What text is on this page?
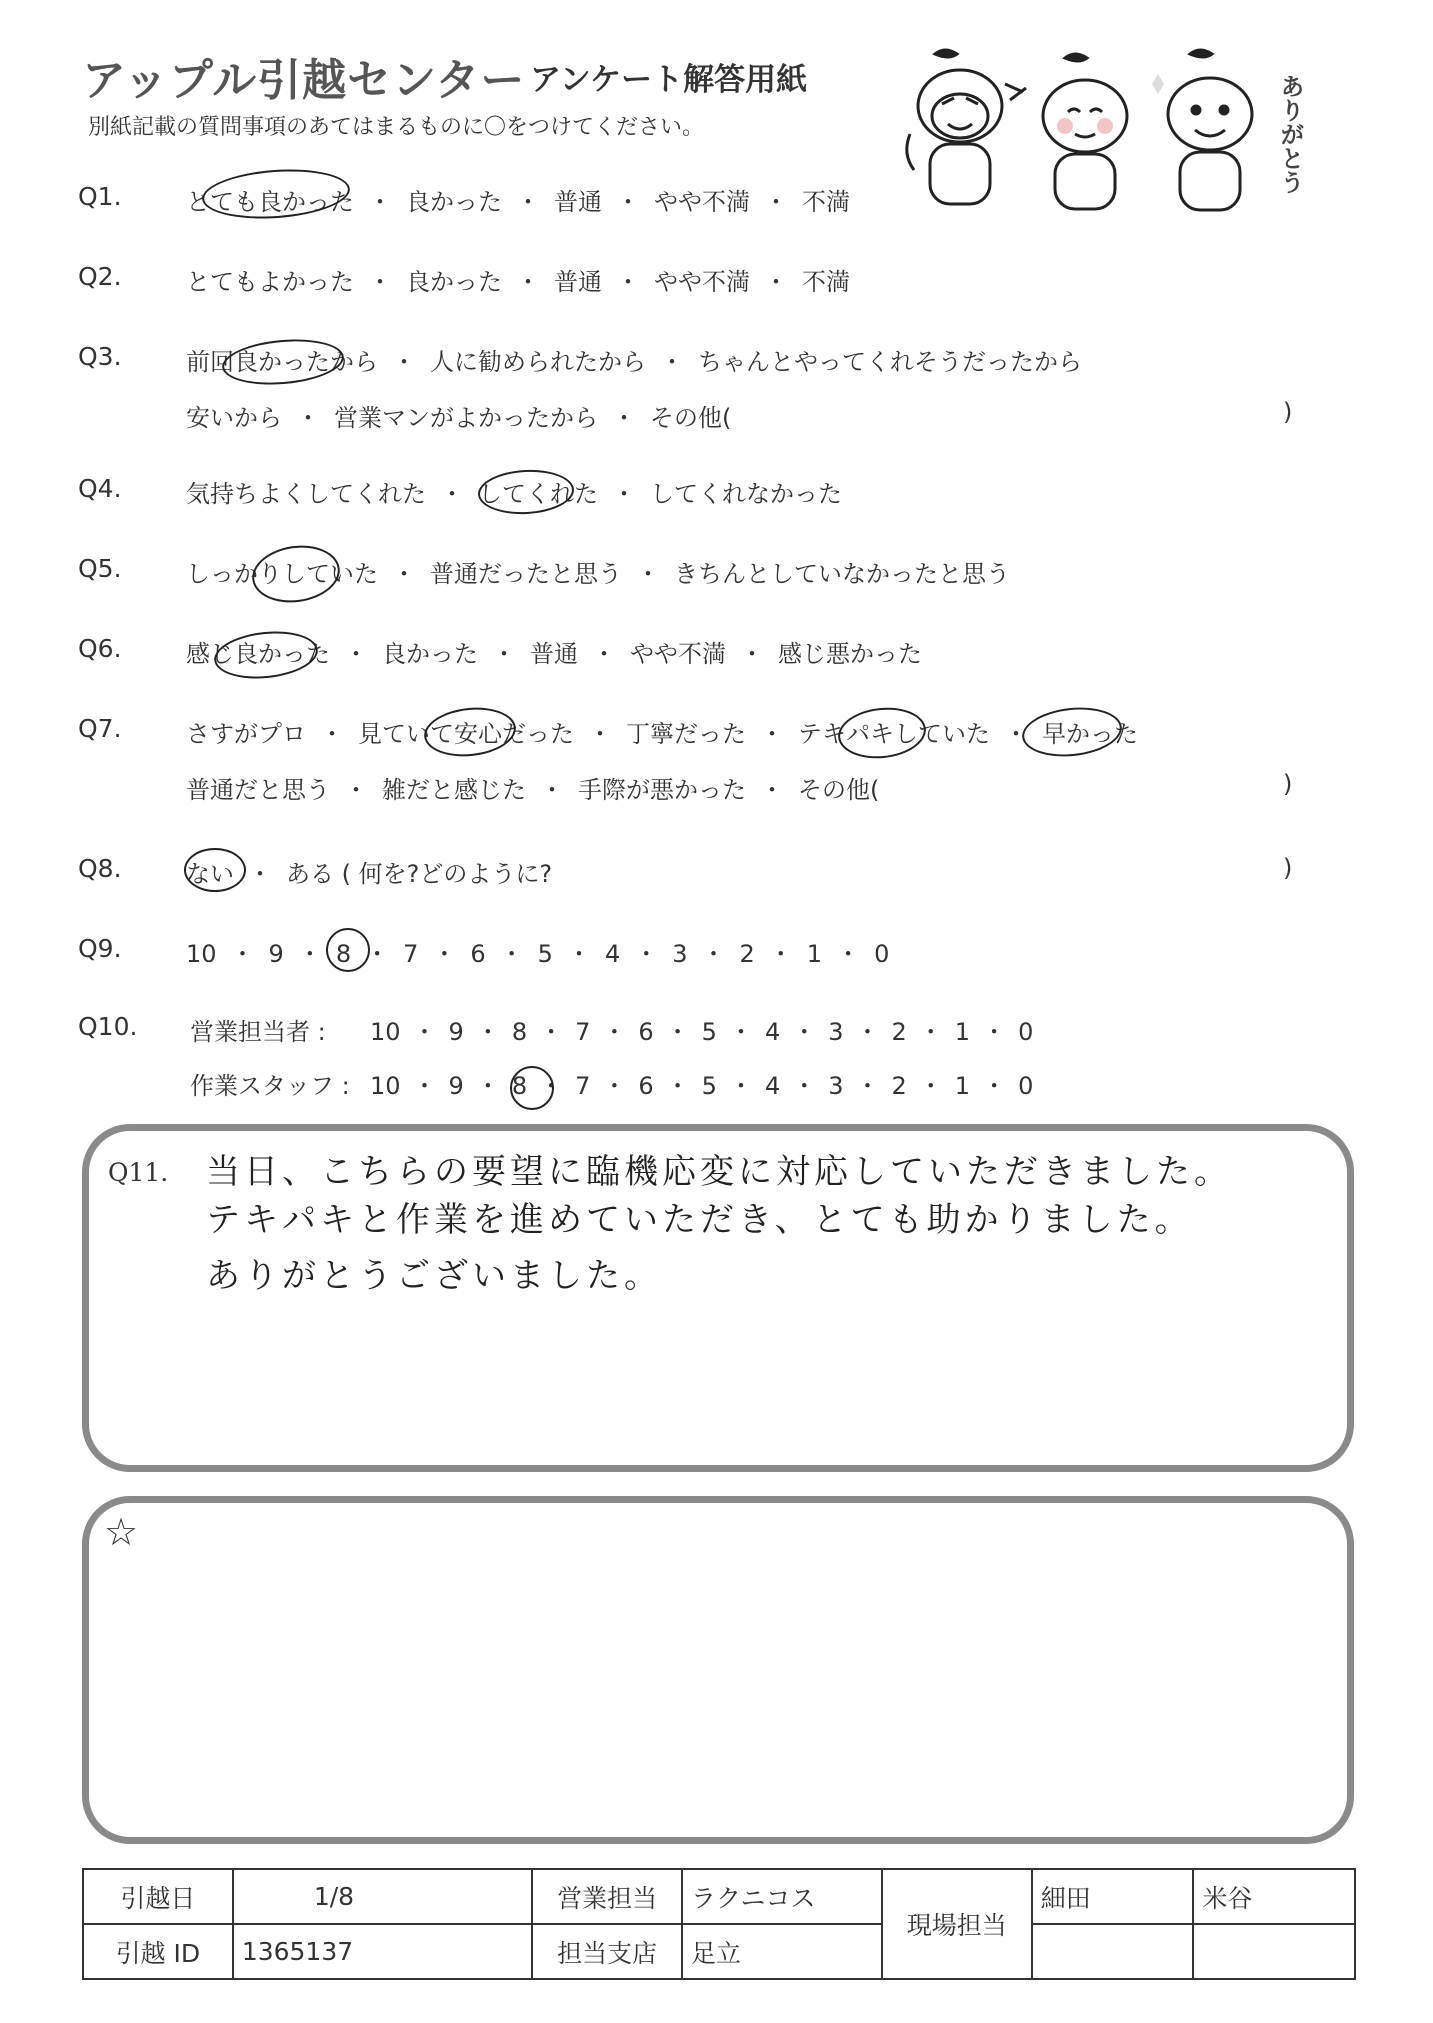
アップル引越センター アンケート解答用紙
別紙記載の質問事項のあてはまるものに〇をつけてください。	ありがとう
Q1.	とても良かった ・ 良かった ・ 普通 ・ やや不満 ・ 不満
Q2.	とてもよかった ・ 良かった ・ 普通 ・ やや不満 ・ 不満
Q3.	前回良かったから ・ 人に勧められたから ・ ちゃんとやってくれそうだったから
安いから ・ 営業マンがよかったから ・ その他(	)
Q4.	気持ちよくしてくれた ・ してくれた ・ してくれなかった
Q5.	しっかりしていた ・ 普通だったと思う ・ きちんとしていなかったと思う
Q6.	感じ良かった ・ 良かった ・ 普通 ・ やや不満 ・ 感じ悪かった
Q7.	さすがプロ ・ 見ていて安心だった ・ 丁寧だった ・ テキパキしていた ・ 早かった
普通だと思う ・ 雑だと感じた ・ 手際が悪かった ・ その他(	)
Q8.	ない ・ ある ( 何を?どのように?	)
Q9.	10 ・ 9 ・ 8 ・ 7 ・ 6 ・ 5 ・ 4 ・ 3 ・ 2 ・ 1 ・ 0
Q10. 営業担当者 : 10 ・ 9 ・ 8 ・ 7 ・ 6 ・ 5 ・ 4 ・ 3 ・ 2 ・ 1 ・ 0
作業スタッフ : 10 ・ 9 ・ 8 ・ 7 ・ 6 ・ 5 ・ 4 ・ 3 ・ 2 ・ 1 ・ 0
Q11. 当日、こちらの要望に臨機応変に対応していただきました。
テキパキと作業を進めていただき、とても助かりました。
ありがとうございました。
☆
引越日	1/8	営業担当	ラクニコス	現場担当	細田	米谷
引越 ID	1365137	担当支店	足立			
